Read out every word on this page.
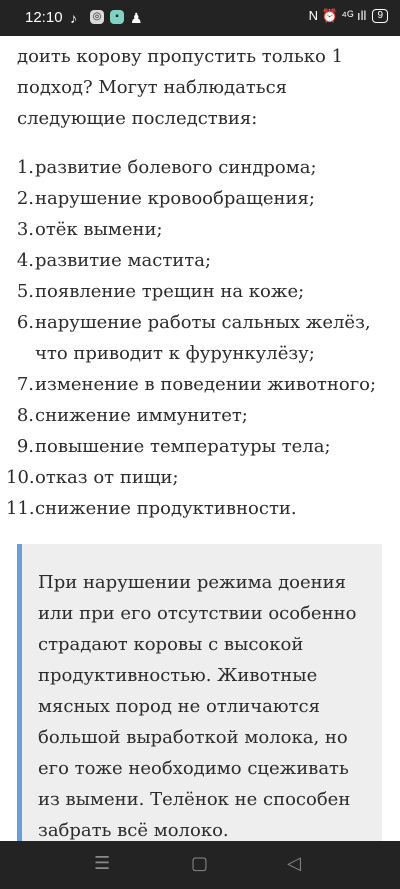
12:10 ♪ ◎	▪ ♟	N ⏰ ⁴ᴳ ıll	9

доить корову пропустить только 1 подход? Могут наблюдаться следующие последствия:

1. развитие болевого синдрома;
2. нарушение кровообращения;
3. отёк вымени;
4. развитие мастита;
5. появление трещин на коже;
6. нарушение работы сальных желёз, что приводит к фурункулёзу;
7. изменение в поведении животного;
8. снижение иммунитет;
9. повышение температуры тела;
10. отказ от пищи;
11. снижение продуктивности.

При нарушении режима доения или при его отсутствии особенно страдают коровы с высокой продуктивностью. Животные мясных пород не отличаются большой выработкой молока, но его тоже необходимо сцеживать из вымени. Телёнок не способен забрать всё молоко.

☰	▢	◁
